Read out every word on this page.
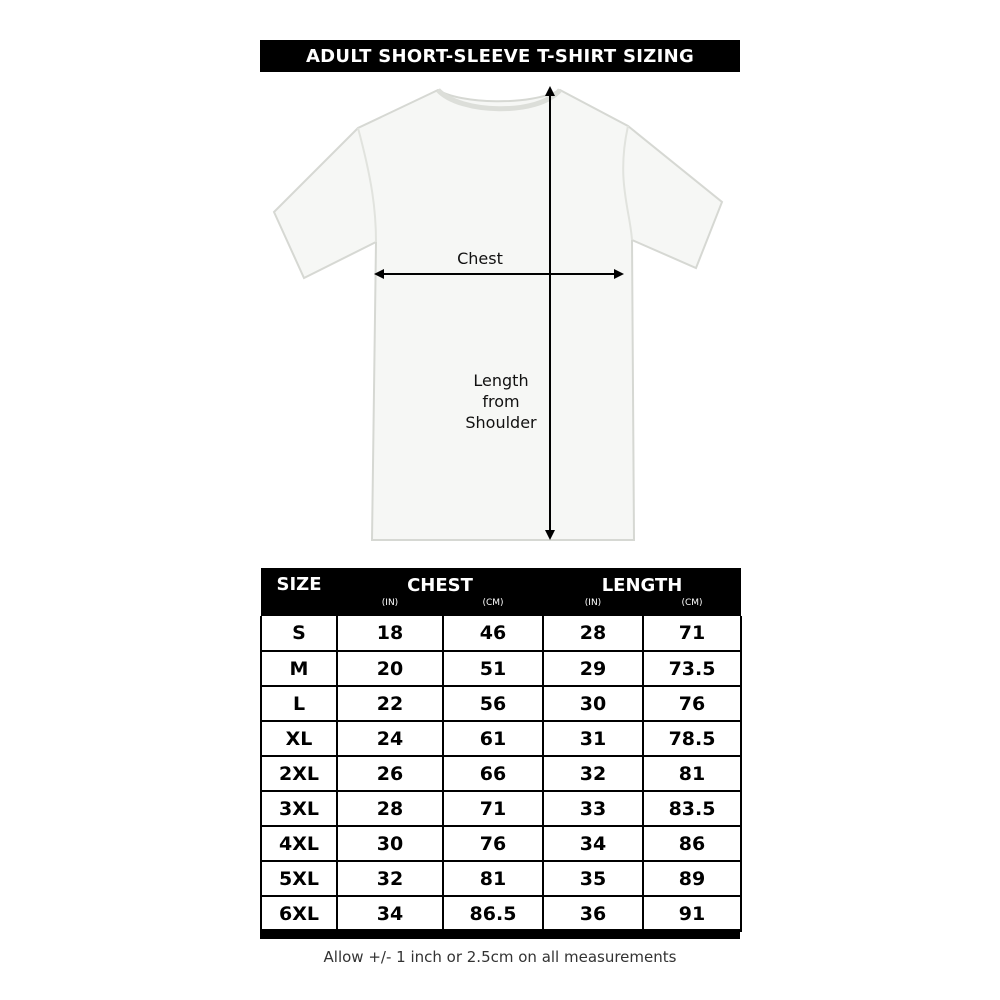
ADULT SHORT-SLEEVE T-SHIRT SIZING
Chest
Length
from
Shoulder
SIZE	CHEST		LENGTH	
	(IN)	(CM)	(IN)	(CM)
S	18	46	28	71
M	20	51	29	73.5
L	22	56	30	76
XL	24	61	31	78.5
2XL	26	66	32	81
3XL	28	71	33	83.5
4XL	30	76	34	86
5XL	32	81	35	89
6XL	34	86.5	36	91
Allow +/- 1 inch or 2.5cm on all measurements
